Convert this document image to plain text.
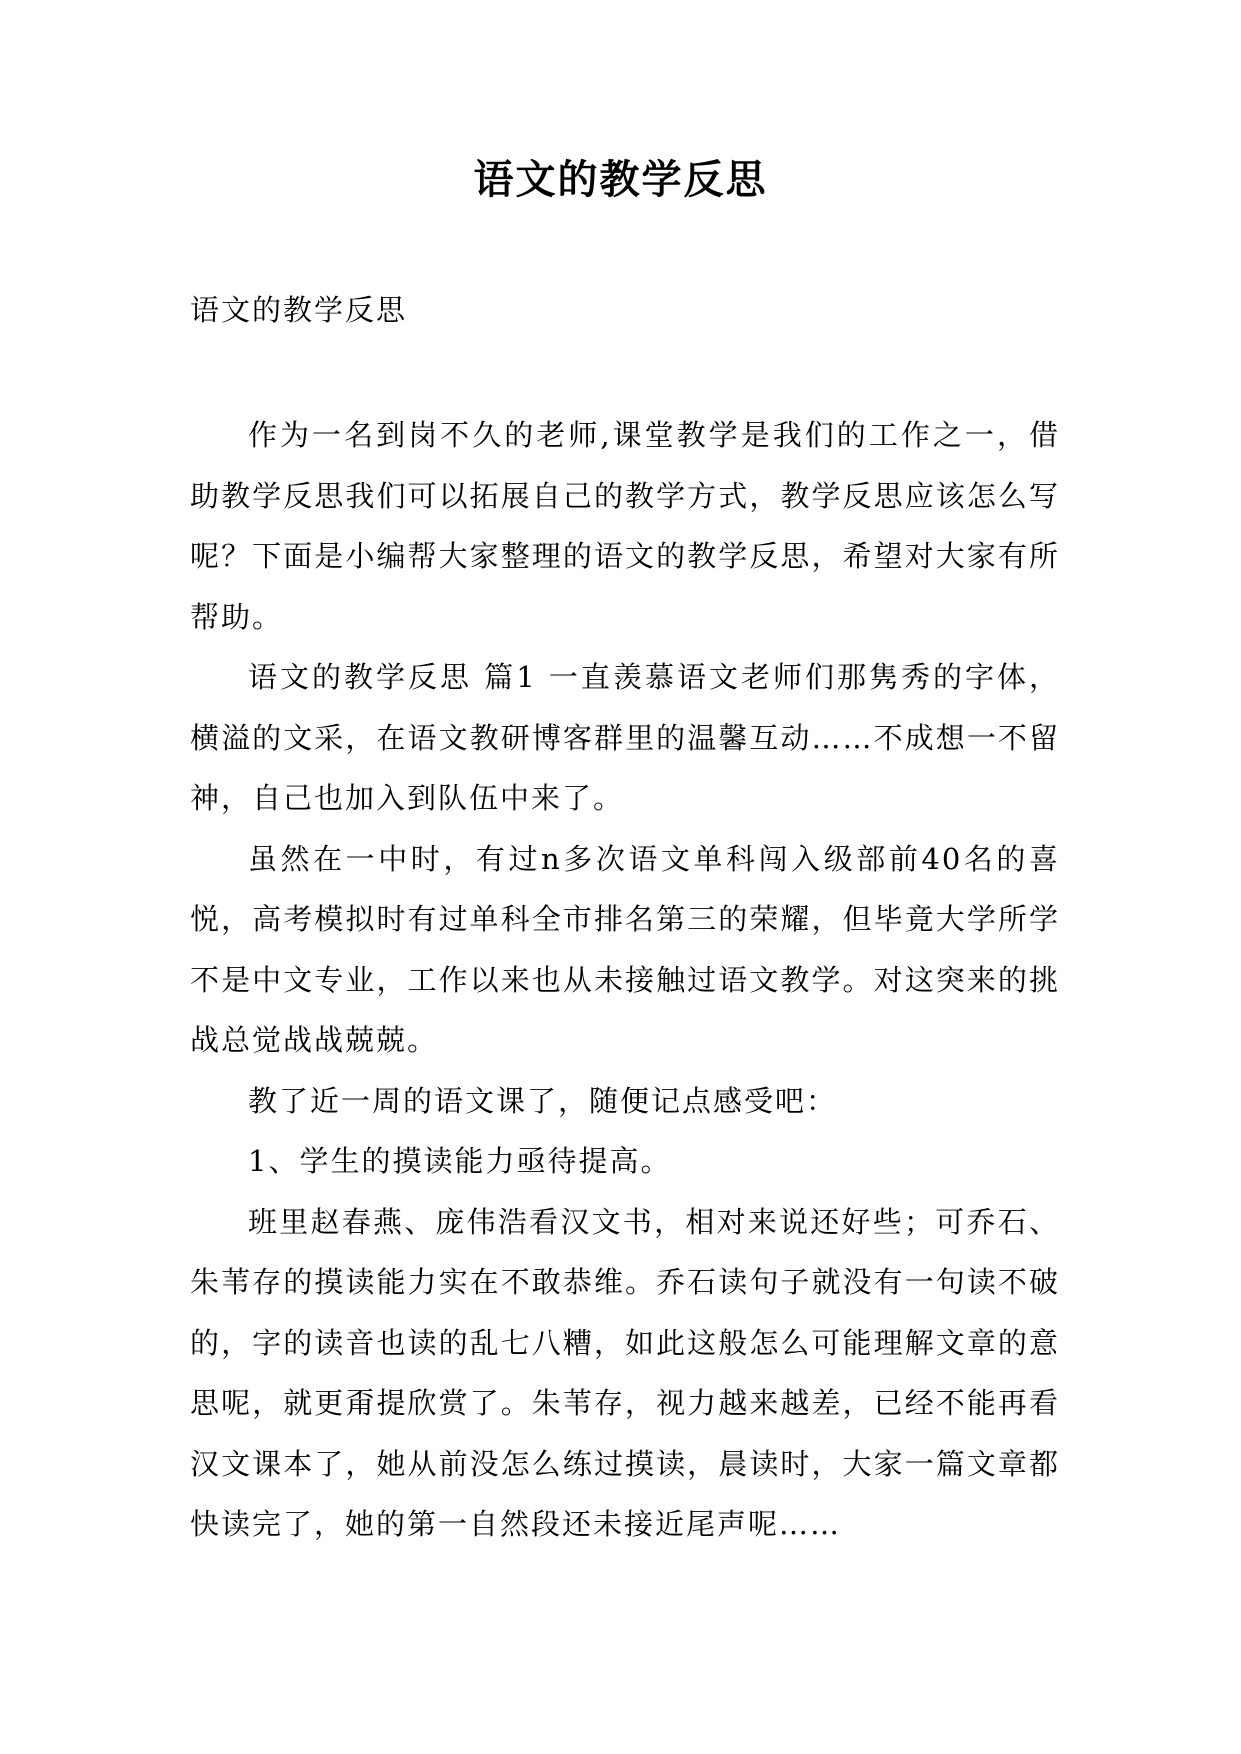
语文的教学反思
语文的教学反思

作为一名到岗不久的老师,课堂教学是我们的工作之一，借助教学反思我们可以拓展自己的教学方式，教学反思应该怎么写呢？下面是小编帮大家整理的语文的教学反思，希望对大家有所帮助。

语文的教学反思 篇1 一直羡慕语文老师们那隽秀的字体，横溢的文采，在语文教研博客群里的温馨互动……不成想一不留神，自己也加入到队伍中来了。

虽然在一中时，有过n多次语文单科闯入级部前40名的喜悦，高考模拟时有过单科全市排名第三的荣耀，但毕竟大学所学不是中文专业，工作以来也从未接触过语文教学。对这突来的挑战总觉战战兢兢。

教了近一周的语文课了，随便记点感受吧：

1、学生的摸读能力亟待提高。

班里赵春燕、庞伟浩看汉文书，相对来说还好些；可乔石、朱苇存的摸读能力实在不敢恭维。乔石读句子就没有一句读不破的，字的读音也读的乱七八糟，如此这般怎么可能理解文章的意思呢，就更甭提欣赏了。朱苇存，视力越来越差，已经不能再看汉文课本了，她从前没怎么练过摸读，晨读时，大家一篇文章都快读完了，她的第一自然段还未接近尾声呢……
